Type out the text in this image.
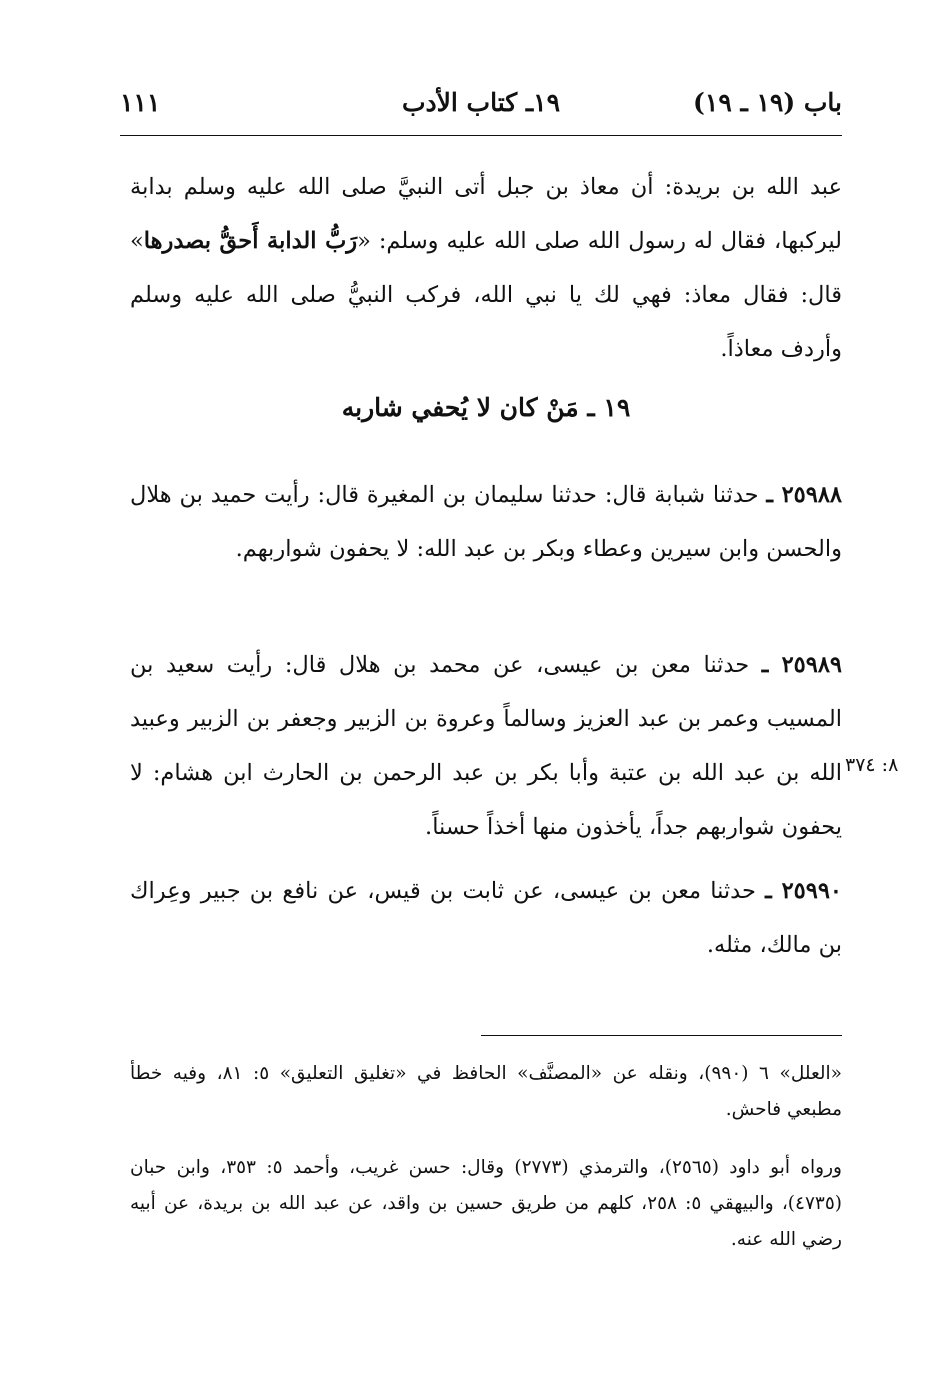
باب (١٩ ـ ١٩)
١٩ـ كتاب الأدب
١١١
عبد الله بن بريدة: أن معاذ بن جبل أتى النبيَّ صلى الله عليه وسلم بدابة ليركبها، فقال له رسول الله صلى الله عليه وسلم: «رَبُّ الدابة أَحقُّ بصدرها» قال: فقال معاذ: فهي لك يا نبي الله، فركب النبيُّ صلى الله عليه وسلم وأردف معاذاً.
١٩ ـ مَنْ كان لا يُحفي شاربه
٢٥٩٨٨ ـ حدثنا شبابة قال: حدثنا سليمان بن المغيرة قال: رأيت حميد بن هلال والحسن وابن سيرين وعطاء وبكر بن عبد الله: لا يحفون شواربهم.
٢٥٩٨٩ ـ حدثنا معن بن عيسى، عن محمد بن هلال قال: رأيت سعيد بن المسيب وعمر بن عبد العزيز وسالماً وعروة بن الزبير وجعفر بن الزبير وعبيد الله بن عبد الله بن عتبة وأبا بكر بن عبد الرحمن بن الحارث ابن هشام: لا يحفون شواربهم جداً، يأخذون منها أخذاً حسناً.
٨: ٣٧٤
٢٥٩٩٠ ـ حدثنا معن بن عيسى، عن ثابت بن قيس، عن نافع بن جبير وعِراك بن مالك، مثله.
«العلل» ٦ (٩٩٠)، ونقله عن «المصنَّف» الحافظ في «تغليق التعليق» ٥: ٨١، وفيه خطأ مطبعي فاحش.
ورواه أبو داود (٢٥٦٥)، والترمذي (٢٧٧٣) وقال: حسن غريب، وأحمد ٥: ٣٥٣، وابن حبان (٤٧٣٥)، والبيهقي ٥: ٢٥٨، كلهم من طريق حسين بن واقد، عن عبد الله بن بريدة، عن أبيه رضي الله عنه.
